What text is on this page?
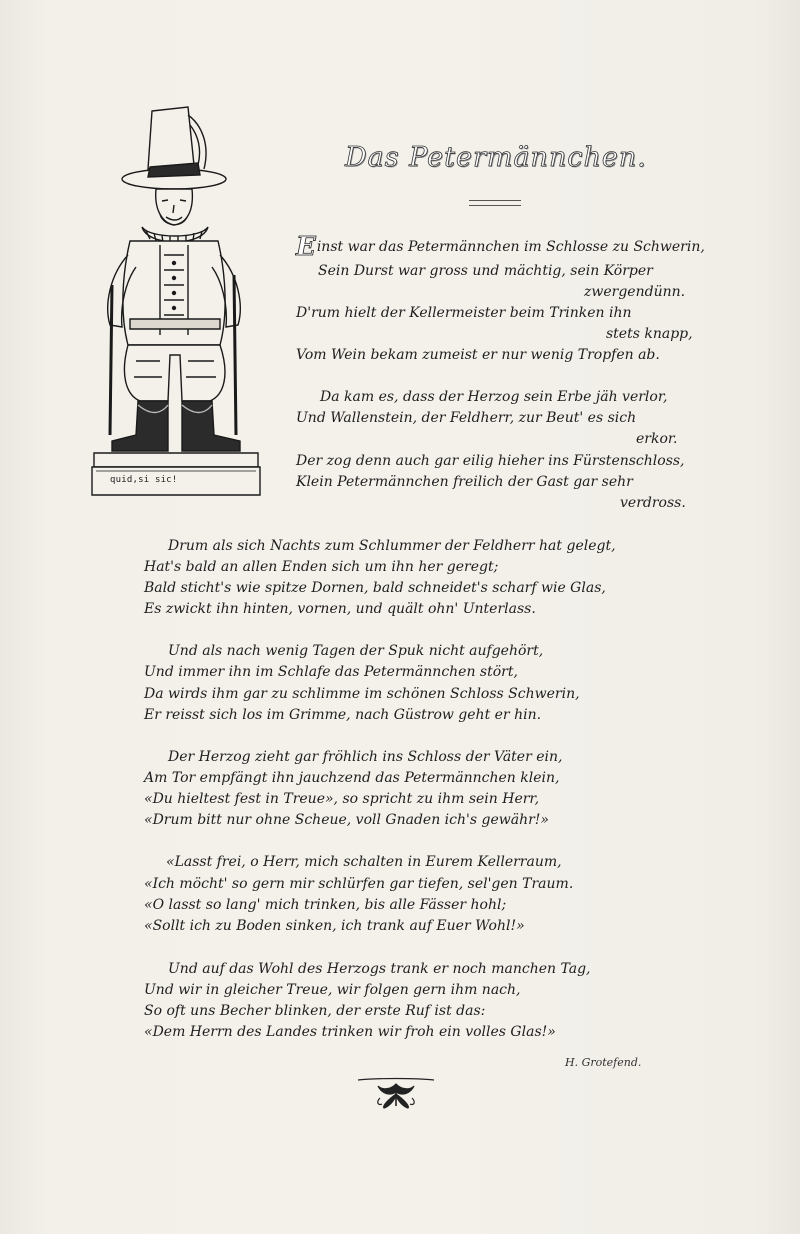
quid,si sic!
Das Petermännchen.
Einst war das Petermännchen im Schlosse zu Schwerin,
Sein Durst war gross und mächtig, sein Körper
zwergendünn.
D'rum hielt der Kellermeister beim Trinken ihn
stets knapp,
Vom Wein bekam zumeist er nur wenig Tropfen ab.
Da kam es, dass der Herzog sein Erbe jäh verlor,
Und Wallenstein, der Feldherr, zur Beut' es sich
erkor.
Der zog denn auch gar eilig hieher ins Fürstenschloss,
Klein Petermännchen freilich der Gast gar sehr
verdross.
Drum als sich Nachts zum Schlummer der Feldherr hat gelegt,
Hat's bald an allen Enden sich um ihn her geregt;
Bald sticht's wie spitze Dornen, bald schneidet's scharf wie Glas,
Es zwickt ihn hinten, vornen, und quält ohn' Unterlass.
Und als nach wenig Tagen der Spuk nicht aufgehört,
Und immer ihn im Schlafe das Petermännchen stört,
Da wirds ihm gar zu schlimme im schönen Schloss Schwerin,
Er reisst sich los im Grimme, nach Güstrow geht er hin.
Der Herzog zieht gar fröhlich ins Schloss der Väter ein,
Am Tor empfängt ihn jauchzend das Petermännchen klein,
«Du hieltest fest in Treue», so spricht zu ihm sein Herr,
«Drum bitt nur ohne Scheue, voll Gnaden ich's gewähr!»
«Lasst frei, o Herr, mich schalten in Eurem Kellerraum,
«Ich möcht' so gern mir schlürfen gar tiefen, sel'gen Traum.
«O lasst so lang' mich trinken, bis alle Fässer hohl;
«Sollt ich zu Boden sinken, ich trank auf Euer Wohl!»
Und auf das Wohl des Herzogs trank er noch manchen Tag,
Und wir in gleicher Treue, wir folgen gern ihm nach,
So oft uns Becher blinken, der erste Ruf ist das:
«Dem Herrn des Landes trinken wir froh ein volles Glas!»
H. Grotefend.
